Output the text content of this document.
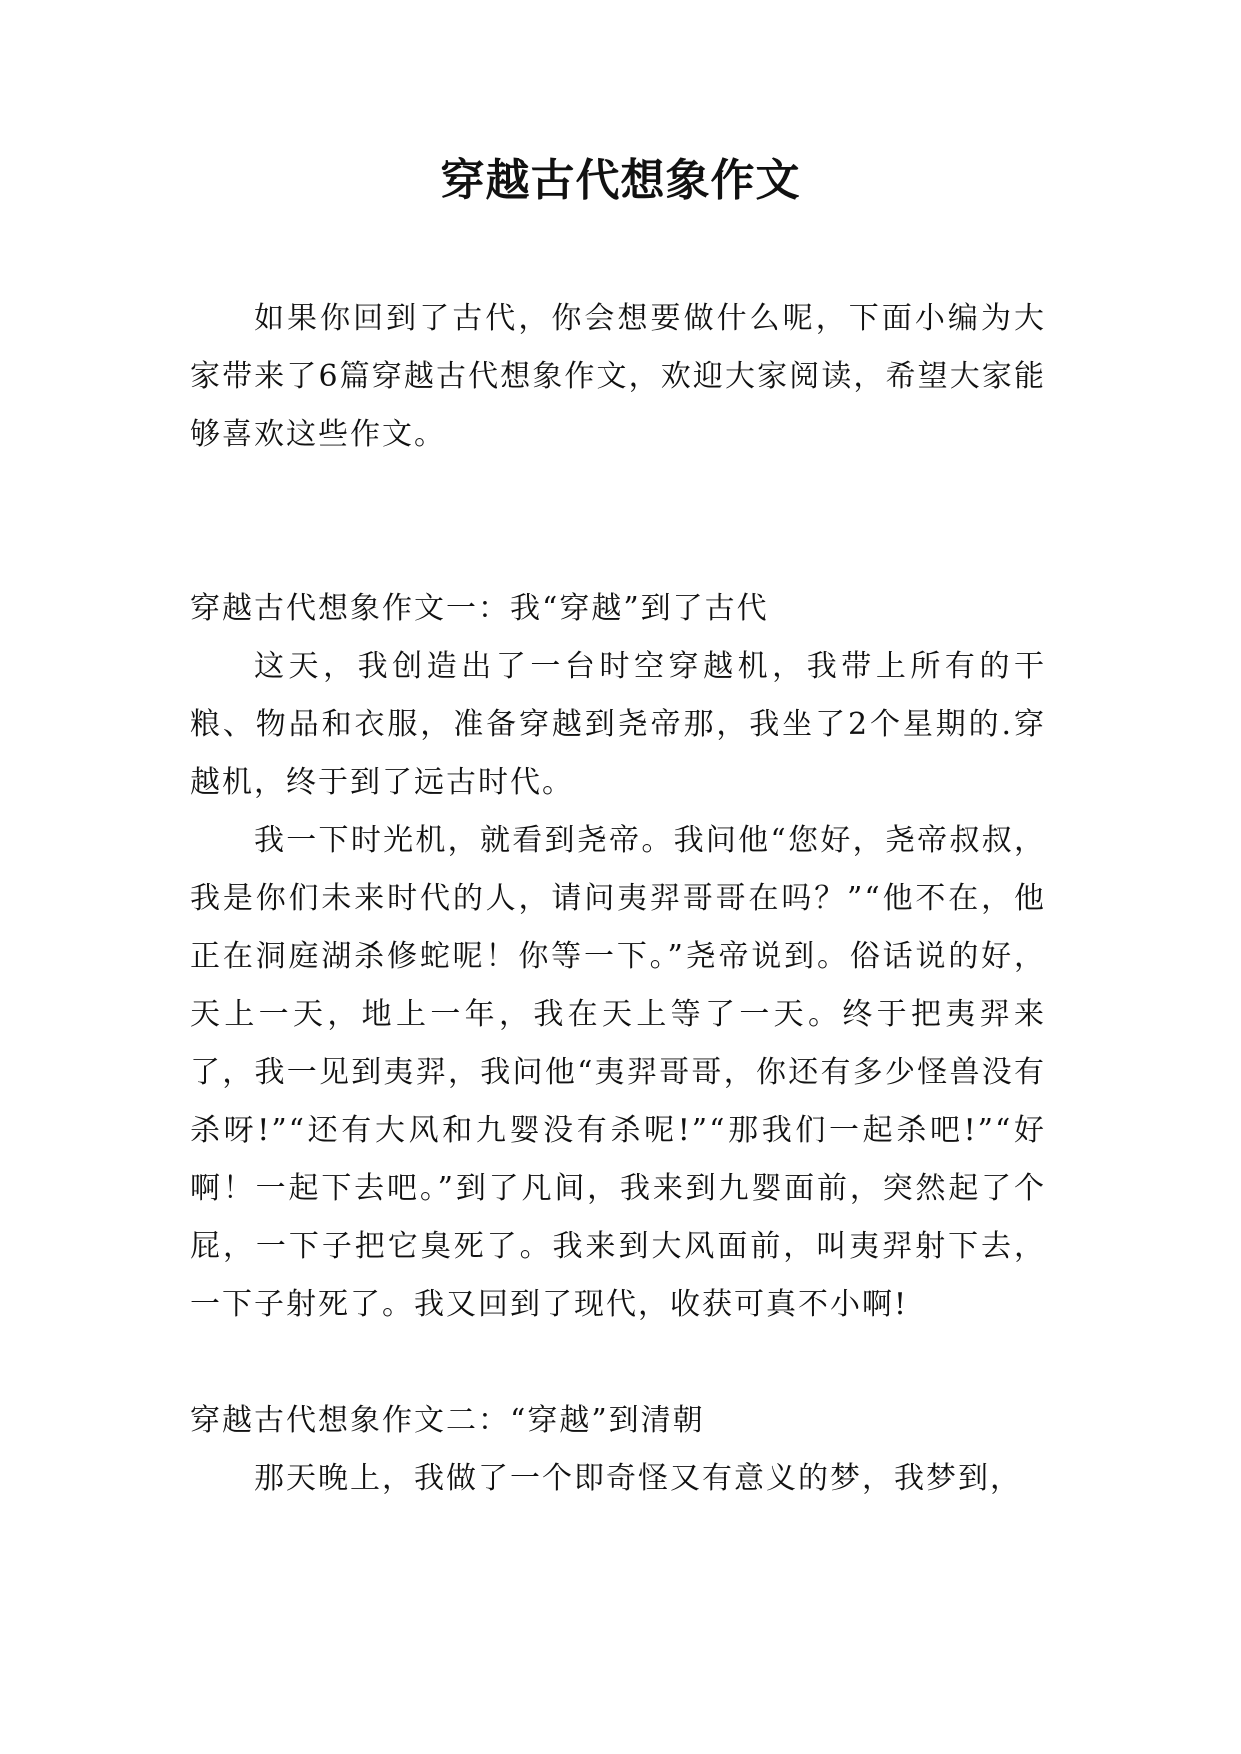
穿越古代想象作文

如果你回到了古代，你会想要做什么呢，下面小编为大家带来了6篇穿越古代想象作文，欢迎大家阅读，希望大家能够喜欢这些作文。

穿越古代想象作文一：我“穿越”到了古代

这天，我创造出了一台时空穿越机，我带上所有的干粮、物品和衣服，准备穿越到尧帝那，我坐了2个星期的.穿越机，终于到了远古时代。

我一下时光机，就看到尧帝。我问他“您好，尧帝叔叔，我是你们未来时代的人，请问夷羿哥哥在吗？”“他不在，他正在洞庭湖杀修蛇呢！你等一下。”尧帝说到。俗话说的好，天上一天，地上一年，我在天上等了一天。终于把夷羿来了，我一见到夷羿，我问他“夷羿哥哥，你还有多少怪兽没有杀呀!”“还有大风和九婴没有杀呢!”“那我们一起杀吧!”“好啊！一起下去吧。”到了凡间，我来到九婴面前，突然起了个屁，一下子把它臭死了。我来到大风面前，叫夷羿射下去，一下子射死了。我又回到了现代，收获可真不小啊!

穿越古代想象作文二：“穿越”到清朝

那天晚上，我做了一个即奇怪又有意义的梦，我梦到，
